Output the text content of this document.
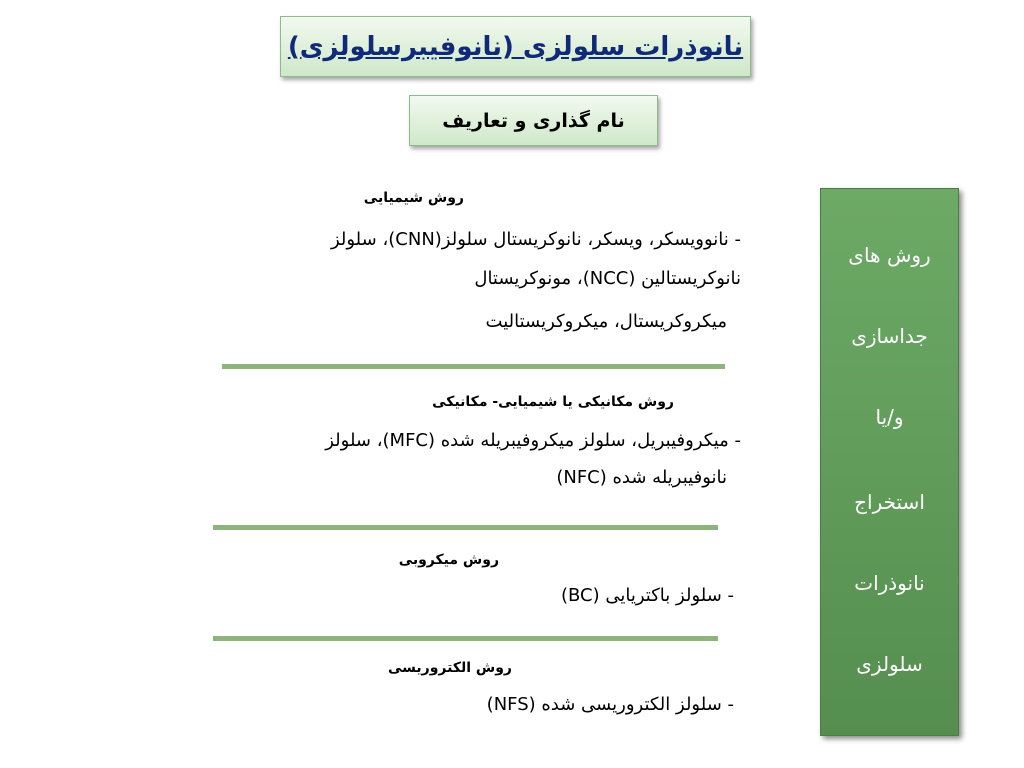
نانوذرات سلولزی (نانوفیبرسلولزی)
نام گذاری و تعاریف
روش های
جداسازی
و/یا
استخراج
نانوذرات
سلولزی
روش شیمیایی
- نانوویسکر، ویسکر، نانوکریستال سلولز(CNN)، سلولز
نانوکریستالین (NCC)، مونوکریستال
میکروکریستال، میکروکریستالیت
روش مکانیکی یا شیمیایی- مکانیکی
- میکروفیبریل، سلولز میکروفیبریله شده (MFC)، سلولز
نانوفیبریله شده (NFC)
روش میکروبی
- سلولز باکتریایی (BC)
روش الکتروریسی
- سلولز الکتروریسی شده (NFS)
